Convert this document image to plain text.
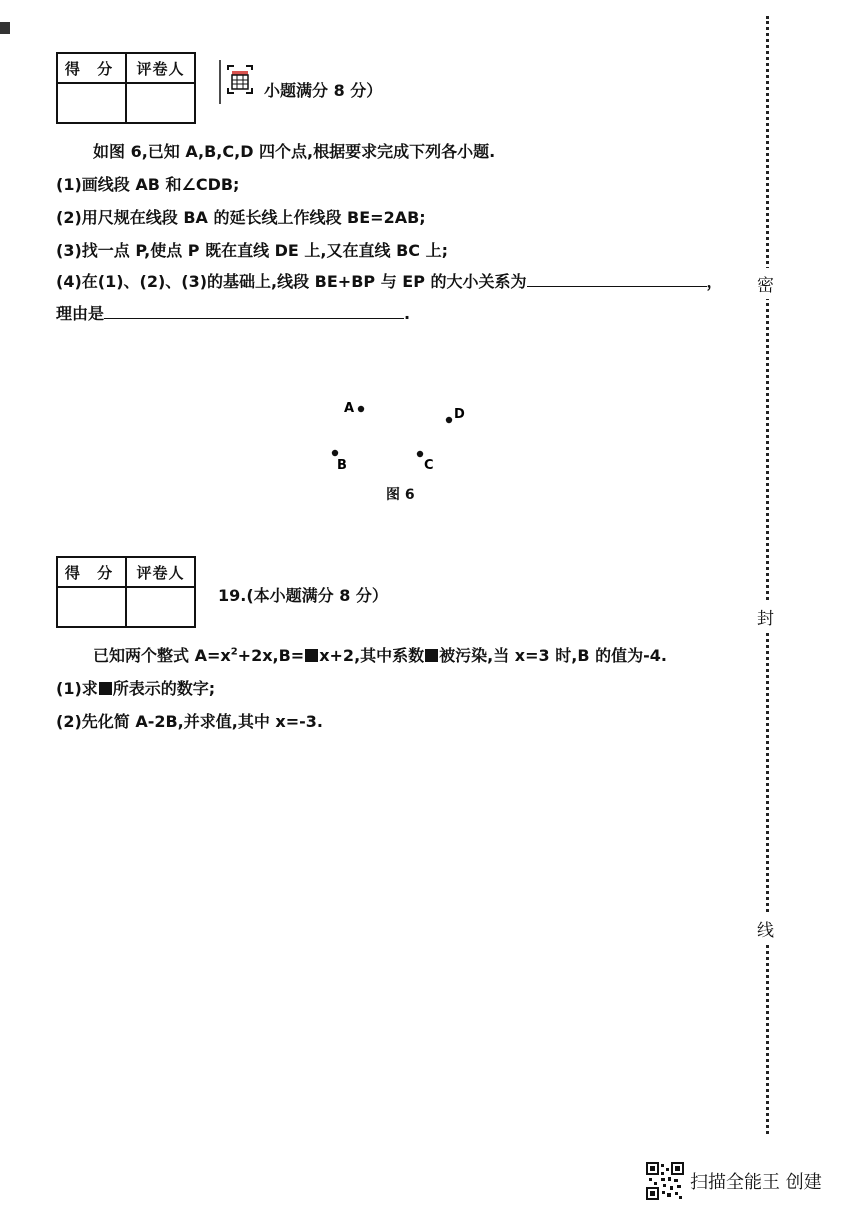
得 分	评卷人

小题满分 8 分）
如图 6,已知 A,B,C,D 四个点,根据要求完成下列各小题.
(1)画线段 AB 和∠CDB;
(2)用尺规在线段 BA 的延长线上作线段 BE=2AB;
(3)找一点 P,使点 P 既在直线 DE 上,又在直线 BC 上;
(4)在(1)、(2)、(3)的基础上,线段 BE+BP 与 EP 的大小关系为	，
理由是	.
A
B	C
D
图 6
得 分	评卷人

19.(本小题满分 8 分）
已知两个整式 $A=x^2+2x,B= x+2$,其中系数 被污染,当 x=3 时,B 的值为-4.
(1)求 所表示的数字;
(2)先化简 A-2B,并求值,其中 x=-3.
密
封
线
扫描全能王 创建
